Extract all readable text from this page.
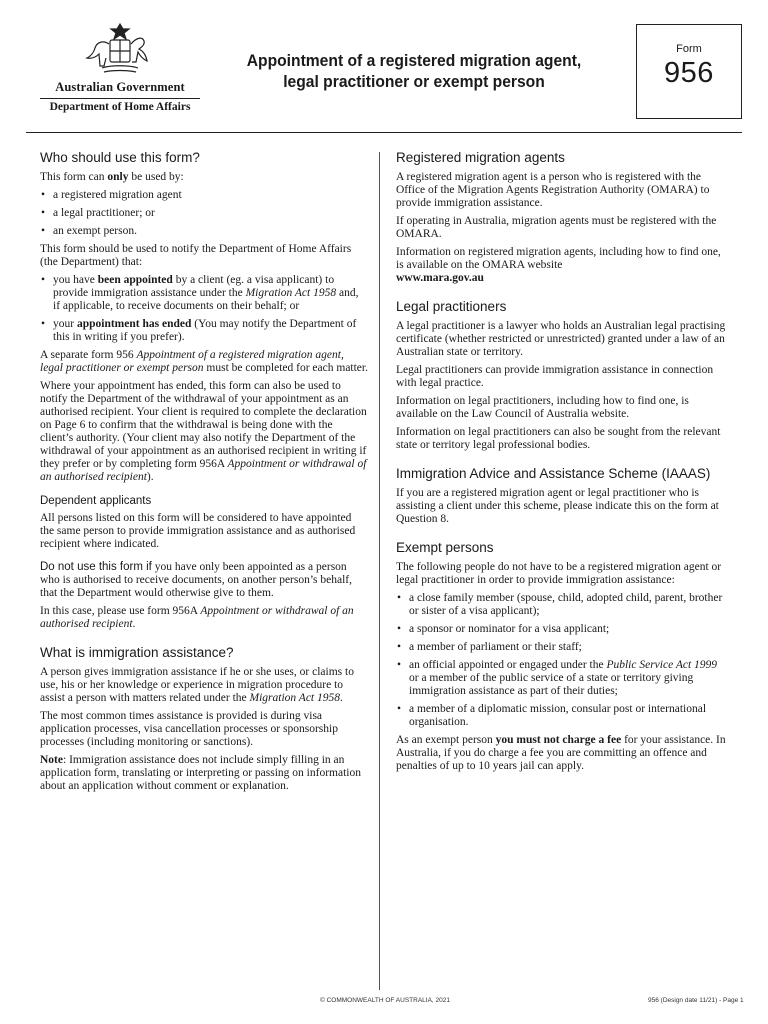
Australian Government
Department of Home Affairs
Appointment of a registered migration agent,
legal practitioner or exempt person
Form
956
Who should use this form?

This form can only be used by:

• a registered migration agent
• a legal practitioner; or
• an exempt person.

This form should be used to notify the Department of Home Affairs (the Department) that:

• you have been appointed by a client (eg. a visa applicant) to provide immigration assistance under the Migration Act 1958 and, if applicable, to receive documents on their behalf; or
• your appointment has ended (You may notify the Department of this in writing if you prefer).

A separate form 956 Appointment of a registered migration agent, legal practitioner or exempt person must be completed for each matter.

Where your appointment has ended, this form can also be used to notify the Department of the withdrawal of your appointment as an authorised recipient. Your client is required to complete the declaration on Page 6 to confirm that the withdrawal is being done with the client’s authority. (Your client may also notify the Department of the withdrawal of your appointment as an authorised recipient in writing if they prefer or by completing form 956A Appointment or withdrawal of an authorised recipient).

Dependent applicants

All persons listed on this form will be considered to have appointed the same person to provide immigration assistance and as authorised recipient where indicated.

Do not use this form if you have only been appointed as a person who is authorised to receive documents, on another person’s behalf, that the Department would otherwise give to them.

In this case, please use form 956A Appointment or withdrawal of an authorised recipient.

What is immigration assistance?

A person gives immigration assistance if he or she uses, or claims to use, his or her knowledge or experience in migration procedure to assist a person with matters related under the Migration Act 1958.

The most common times assistance is provided is during visa application processes, visa cancellation processes or sponsorship processes (including monitoring or sanctions).

Note: Immigration assistance does not include simply filling in an application form, translating or interpreting or passing on information about an application without comment or explanation.

Registered migration agents

A registered migration agent is a person who is registered with the Office of the Migration Agents Registration Authority (OMARA) to provide immigration assistance.

If operating in Australia, migration agents must be registered with the OMARA.

Information on registered migration agents, including how to find one, is available on the OMARA website
www.mara.gov.au

Legal practitioners

A legal practitioner is a lawyer who holds an Australian legal practising certificate (whether restricted or unrestricted) granted under a law of an Australian state or territory.

Legal practitioners can provide immigration assistance in connection with legal practice.

Information on legal practitioners, including how to find one, is available on the Law Council of Australia website.

Information on legal practitioners can also be sought from the relevant state or territory legal professional bodies.

Immigration Advice and Assistance Scheme (IAAAS)

If you are a registered migration agent or legal practitioner who is assisting a client under this scheme, please indicate this on the form at Question 8.

Exempt persons

The following people do not have to be a registered migration agent or legal practitioner in order to provide immigration assistance:

• a close family member (spouse, child, adopted child, parent, brother or sister of a visa applicant);
• a sponsor or nominator for a visa applicant;
• a member of parliament or their staff;
• an official appointed or engaged under the Public Service Act 1999 or a member of the public service of a state or territory giving immigration assistance as part of their duties;
• a member of a diplomatic mission, consular post or international organisation.

As an exempt person you must not charge a fee for your assistance. In Australia, if you do charge a fee you are committing an offence and penalties of up to 10 years jail can apply.

© COMMONWEALTH OF AUSTRALIA, 2021	956 (Design date 11/21) - Page 1
